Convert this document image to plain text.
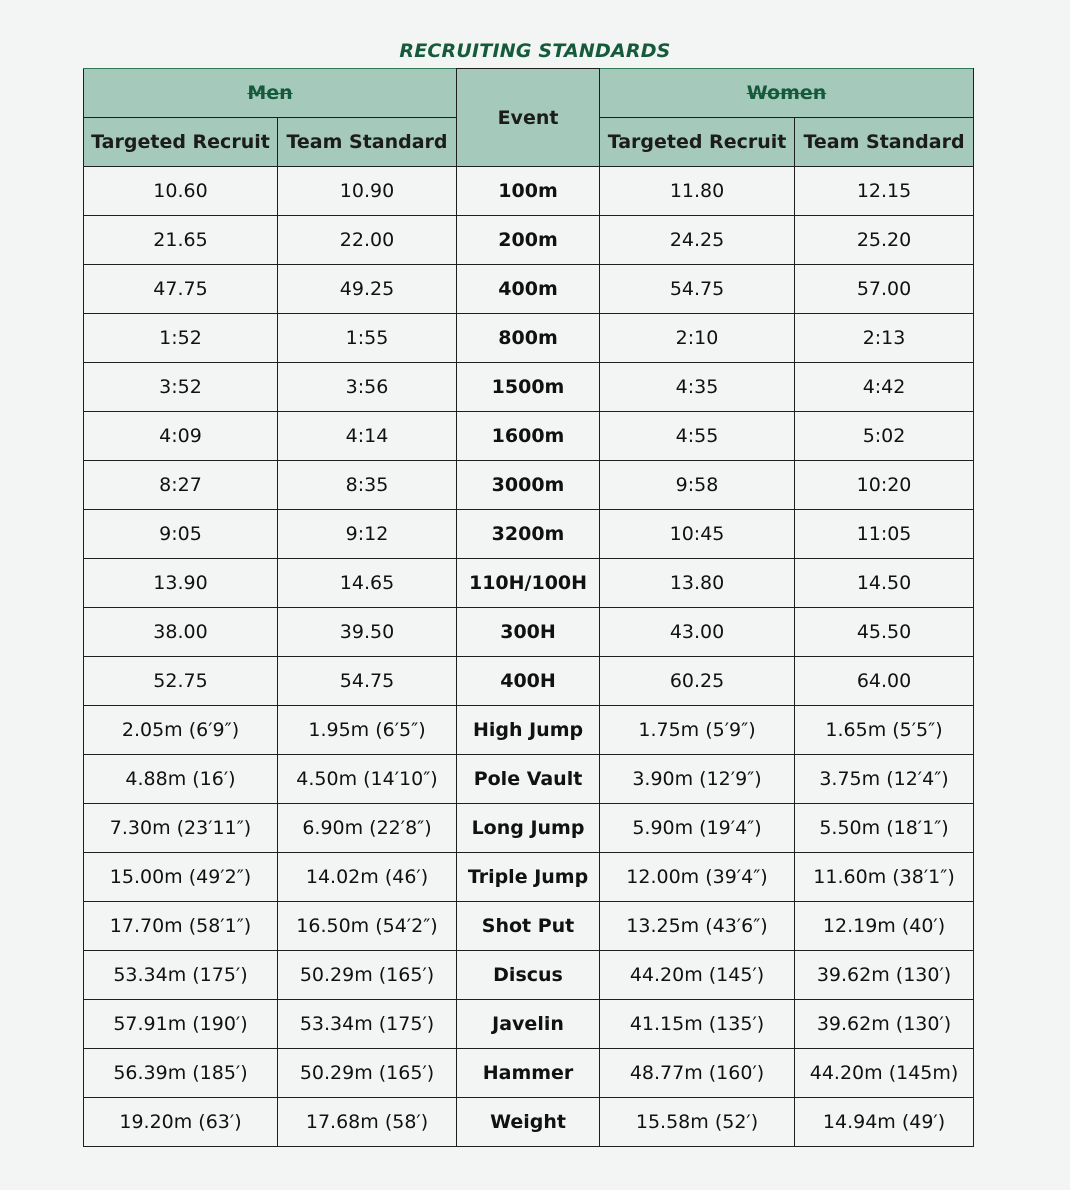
RECRUITING STANDARDS
Men		Event	Women	
Targeted Recruit	Team Standard		Targeted Recruit	Team Standard
10.60	10.90	100m	11.80	12.15
21.65	22.00	200m	24.25	25.20
47.75	49.25	400m	54.75	57.00
1:52	1:55	800m	2:10	2:13
3:52	3:56	1500m	4:35	4:42
4:09	4:14	1600m	4:55	5:02
8:27	8:35	3000m	9:58	10:20
9:05	9:12	3200m	10:45	11:05
13.90	14.65	110H/100H	13.80	14.50
38.00	39.50	300H	43.00	45.50
52.75	54.75	400H	60.25	64.00
2.05m (6′9″)	1.95m (6′5″)	High Jump	1.75m (5′9″)	1.65m (5′5″)
4.88m (16′)	4.50m (14′10″)	Pole Vault	3.90m (12′9″)	3.75m (12′4″)
7.30m (23′11″)	6.90m (22′8″)	Long Jump	5.90m (19′4″)	5.50m (18′1″)
15.00m (49′2″)	14.02m (46′)	Triple Jump	12.00m (39′4″)	11.60m (38′1″)
17.70m (58′1″)	16.50m (54′2″)	Shot Put	13.25m (43′6″)	12.19m (40′)
53.34m (175′)	50.29m (165′)	Discus	44.20m (145′)	39.62m (130′)
57.91m (190′)	53.34m (175′)	Javelin	41.15m (135′)	39.62m (130′)
56.39m (185′)	50.29m (165′)	Hammer	48.77m (160′)	44.20m (145m)
19.20m (63′)	17.68m (58′)	Weight	15.58m (52′)	14.94m (49′)
